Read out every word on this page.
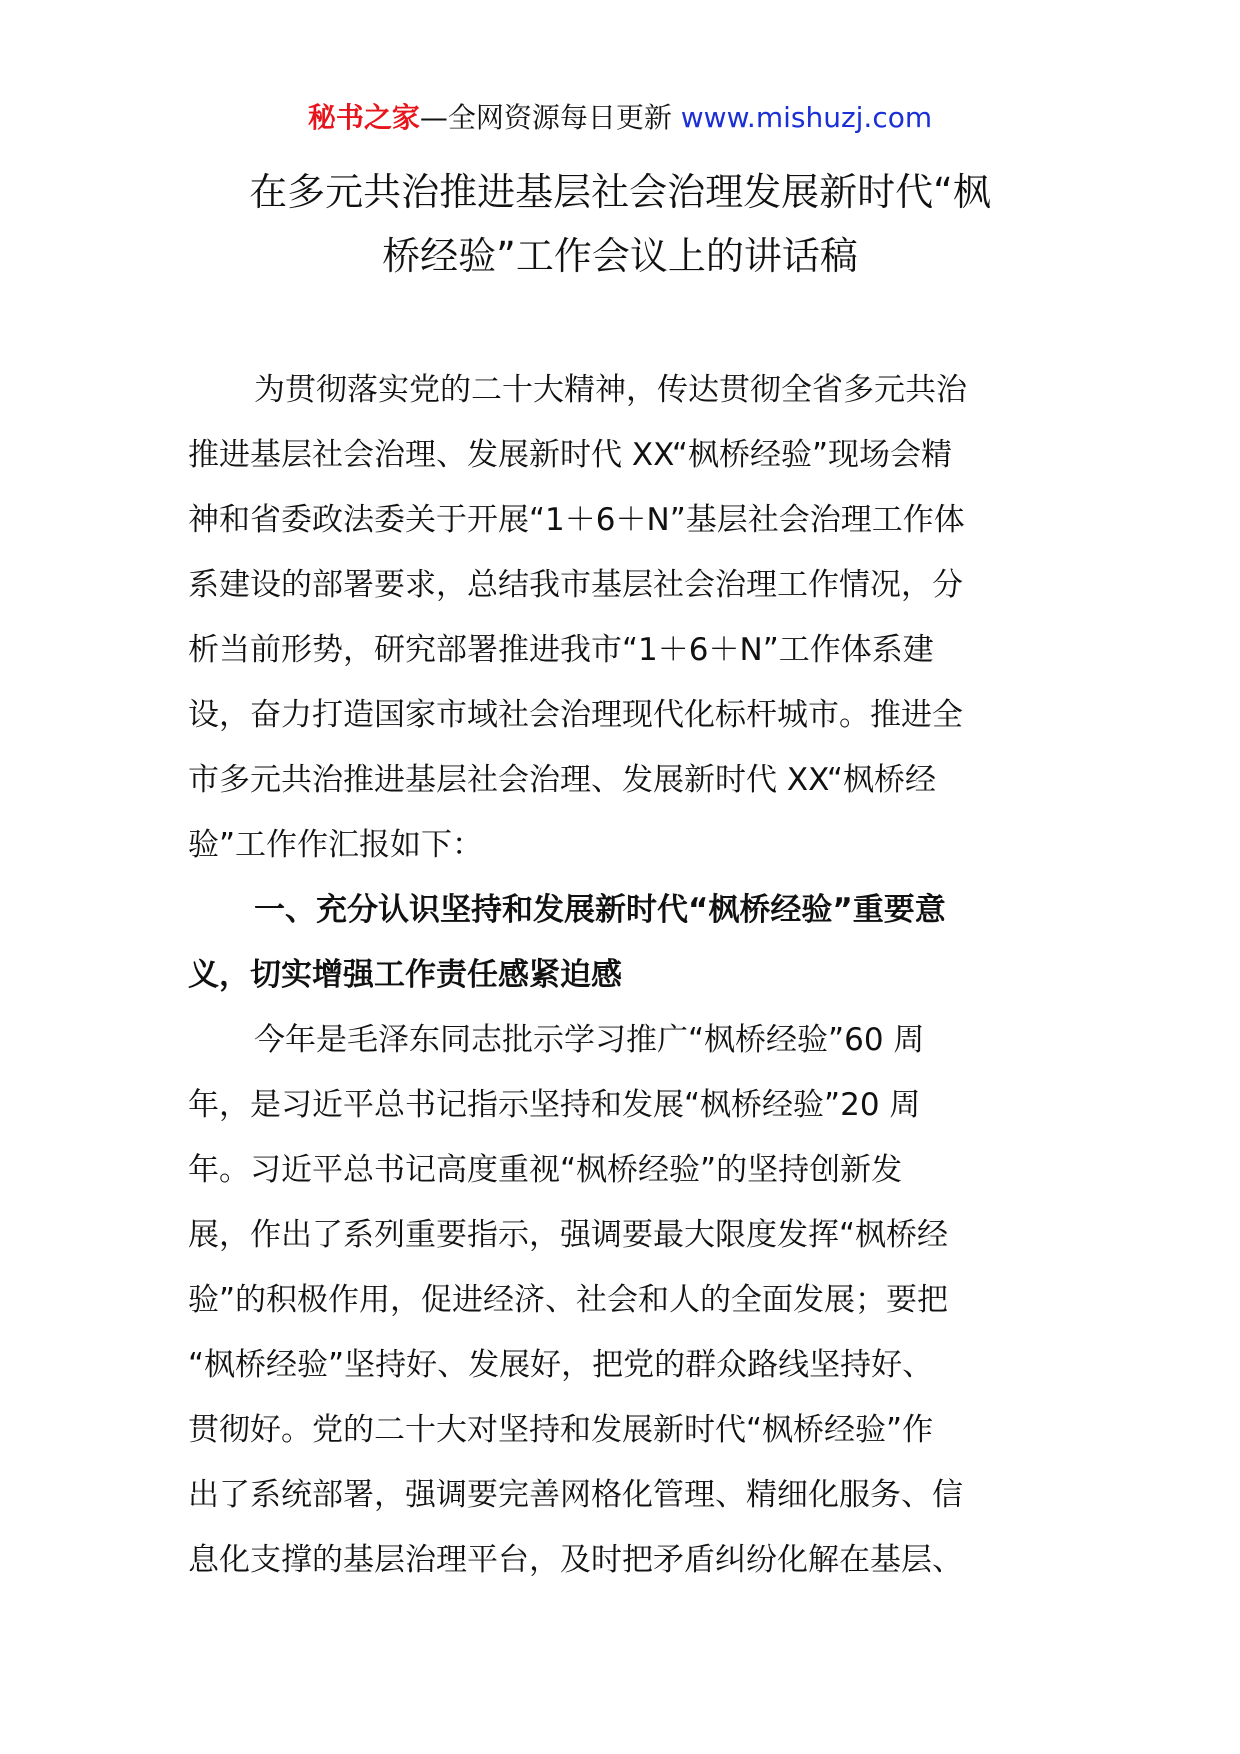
秘书之家—全网资源每日更新 www.mishuzj.com
在多元共治推进基层社会治理发展新时代“枫
桥经验”工作会议上的讲话稿
为贯彻落实党的二十大精神，传达贯彻全省多元共治
推进基层社会治理、发展新时代 XX“枫桥经验”现场会精
神和省委政法委关于开展“1＋6＋N”基层社会治理工作体
系建设的部署要求，总结我市基层社会治理工作情况，分
析当前形势，研究部署推进我市“1＋6＋N”工作体系建
设，奋力打造国家市域社会治理现代化标杆城市。推进全
市多元共治推进基层社会治理、发展新时代 XX“枫桥经
验”工作作汇报如下：
一、充分认识坚持和发展新时代“枫桥经验”重要意
义，切实增强工作责任感紧迫感
今年是毛泽东同志批示学习推广“枫桥经验”60 周
年，是习近平总书记指示坚持和发展“枫桥经验”20 周
年。习近平总书记高度重视“枫桥经验”的坚持创新发
展，作出了系列重要指示，强调要最大限度发挥“枫桥经
验”的积极作用，促进经济、社会和人的全面发展；要把
“枫桥经验”坚持好、发展好，把党的群众路线坚持好、
贯彻好。党的二十大对坚持和发展新时代“枫桥经验”作
出了系统部署，强调要完善网格化管理、精细化服务、信
息化支撑的基层治理平台，及时把矛盾纠纷化解在基层、
